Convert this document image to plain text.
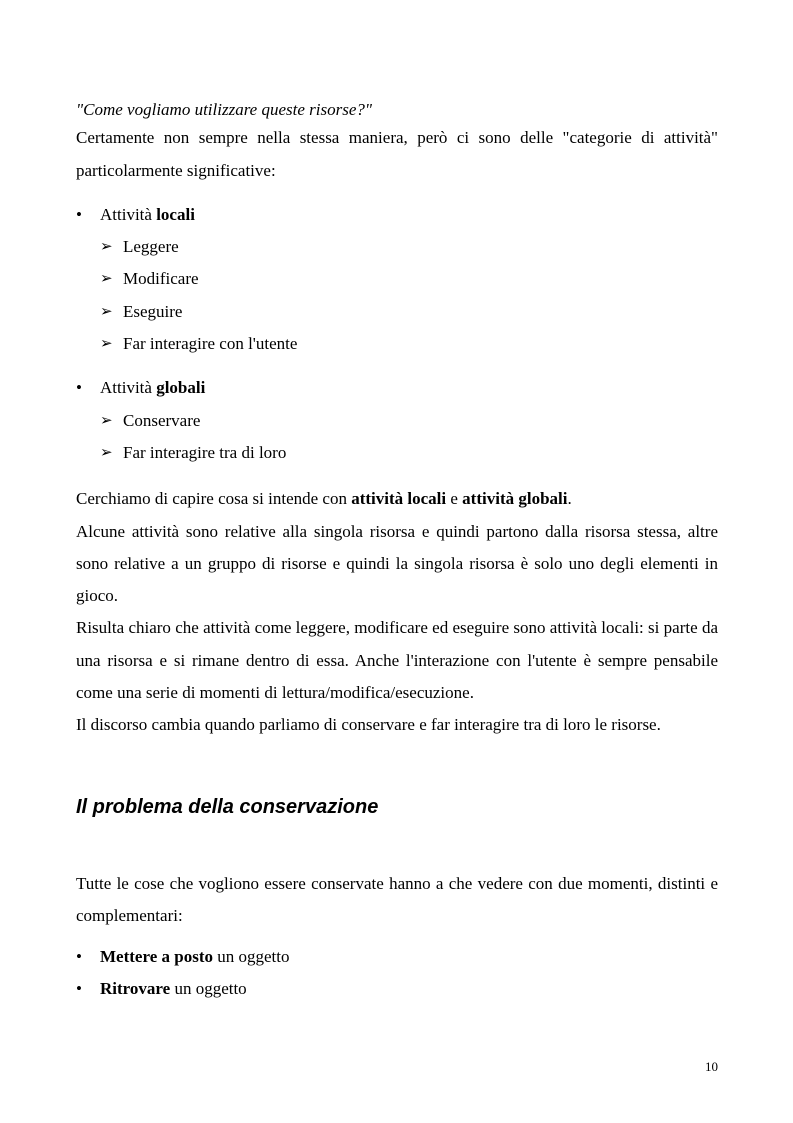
"Come vogliamo utilizzare queste risorse?"

Certamente non sempre nella stessa maniera, però ci sono delle "categorie di attività"

particolarmente significative:

•	Attività locali
➢ Leggere
➢ Modificare
➢ Eseguire
➢ Far interagire con l'utente
•	Attività globali
➢ Conservare
➢ Far interagire tra di loro

Cerchiamo di capire cosa si intende con attività locali e attività globali.

Alcune attività sono relative alla singola risorsa e quindi partono dalla risorsa stessa, altre sono relative a un gruppo di risorse e quindi la singola risorsa è solo uno degli elementi in gioco.

Risulta chiaro che attività come leggere, modificare ed eseguire sono attività locali: si parte da una risorsa e si rimane dentro di essa. Anche l'interazione con l'utente è sempre pensabile come una serie di momenti di lettura/modifica/esecuzione.

Il discorso cambia quando parliamo di conservare e far interagire tra di loro le risorse.

Il problema della conservazione

Tutte le cose che vogliono essere conservate hanno a che vedere con due momenti, distinti e complementari:

•	Mettere a posto un oggetto
•	Ritrovare un oggetto
10
